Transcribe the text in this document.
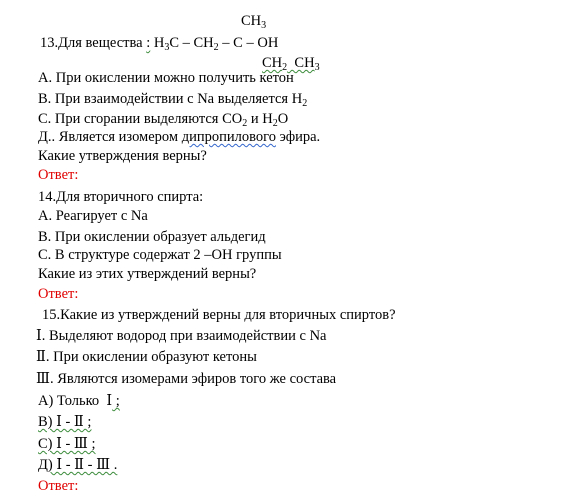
$CH_3$
13.Для вещества : $H_3C - CH_2$ – C – OH
$CH_2$  $CH_3$
А. При окислении можно получить кетон
В. При взаимодействии с Na выделяется $H_2$
С. При сгорании выделяются $CO_2$ и $H_2O$
Д.. Является изомером дипропилового эфира.
Какие утверждения верны?
Ответ:
14.Для вторичного спирта:
А. Реагирует с Na
В. При окислении образует альдегид
С. В структуре содержат 2 –OH группы
Какие из этих утверждений верны?
Ответ:
15.Какие из утверждений верны для вторичных спиртов?
Ⅰ. Выделяют водород при взаимодействии с Na
Ⅱ. При окислении образуют кетоны
Ⅲ. Являются изомерами эфиров того же состава
А) Только  Ⅰ ;
В) Ⅰ - Ⅱ ;
С) Ⅰ - Ⅲ ;
Д) Ⅰ - Ⅱ - Ⅲ .
Ответ:
